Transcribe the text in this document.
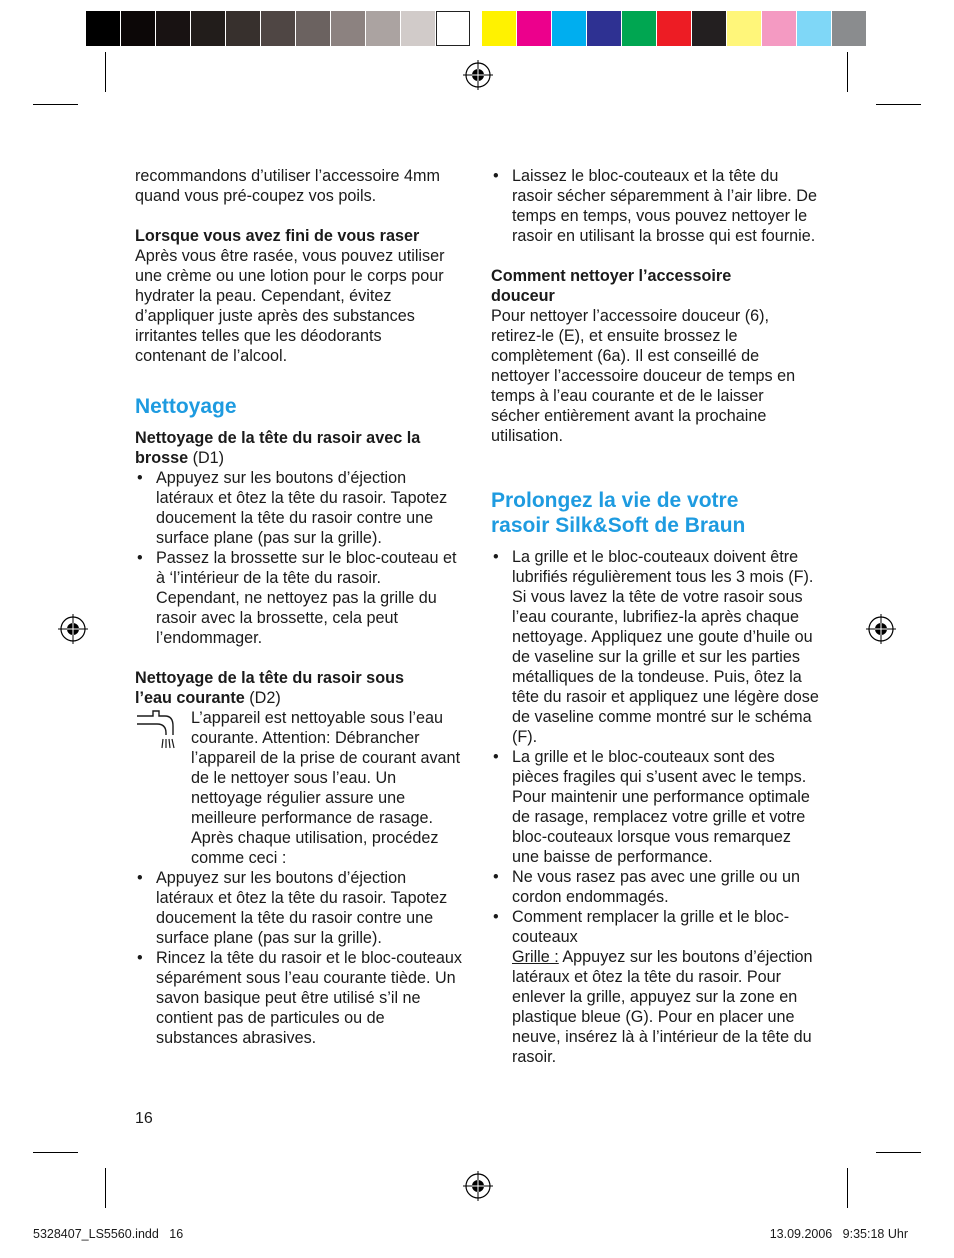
recommandons d’utiliser l’accessoire 4mm quand vous pré-coupez vos poils.

Lorsque vous avez fini de vous raser

Après vous être rasée, vous pouvez utiliser une crème ou une lotion pour le corps pour hydrater la peau. Cependant, évitez d’appliquer juste après des substances irritantes telles que les déodorants contenant de l’alcool.

Nettoyage

Nettoyage de la tête du rasoir avec la brosse (D1)

• Appuyez sur les boutons d’éjection latéraux et ôtez la tête du rasoir. Tapotez doucement la tête du rasoir contre une surface plane (pas sur la grille).
• Passez la brossette sur le bloc-couteau et à ‘l’intérieur de la tête du rasoir. Cependant, ne nettoyez pas la grille du rasoir avec la brossette, cela peut l’endommager.

Nettoyage de la tête du rasoir sous l’eau courante (D2)

L’appareil est nettoyable sous l’eau courante. Attention: Débrancher l’appareil de la prise de courant avant de le nettoyer sous l’eau. Un nettoyage régulier assure une meilleure performance de rasage. Après chaque utilisation, procédez comme ceci :

• Appuyez sur les boutons d’éjection latéraux et ôtez la tête du rasoir. Tapotez doucement la tête du rasoir contre une surface plane (pas sur la grille).
• Rincez la tête du rasoir et le bloc-couteaux séparément sous l’eau courante tiède. Un savon basique peut être utilisé s’il ne contient pas de particules ou de substances abrasives.
• Laissez le bloc-couteaux et la tête du rasoir sécher séparemment à l’air libre. De temps en temps, vous pouvez nettoyer le rasoir en utilisant la brosse qui est fournie.

Comment nettoyer l’accessoire douceur

Pour nettoyer l’accessoire douceur (6), retirez-le (E), et ensuite brossez le complètement (6a). Il est conseillé de nettoyer l’accessoire douceur de temps en temps à l’eau courante et de le laisser sécher entièrement avant la prochaine utilisation.

Prolongez la vie de votre
rasoir Silk&Soft de Braun
• La grille et le bloc-couteaux doivent être lubrifiés régulièrement tous les 3 mois (F). Si vous lavez la tête de votre rasoir sous l’eau courante, lubrifiez-la après chaque nettoyage. Appliquez une goute d’huile ou de vaseline sur la grille et sur les parties métalliques de la tondeuse. Puis, ôtez la tête du rasoir et appliquez une légère dose de vaseline comme montré sur le schéma (F).
• La grille et le bloc-couteaux sont des pièces fragiles qui s’usent avec le temps. Pour maintenir une performance optimale de rasage, remplacez votre grille et votre bloc-couteaux lorsque vous remarquez une baisse de performance.
• Ne vous rasez pas avec une grille ou un cordon endommagés.
• Comment remplacer la grille et le bloc-couteaux
Grille : Appuyez sur les boutons d’éjection latéraux et ôtez la tête du rasoir. Pour enlever la grille, appuyez sur la zone en plastique bleue (G). Pour en placer une neuve, insérez là à l’intérieur de la tête du rasoir.
16
5328407_LS5560.indd   16	13.09.2006   9:35:18 Uhr
